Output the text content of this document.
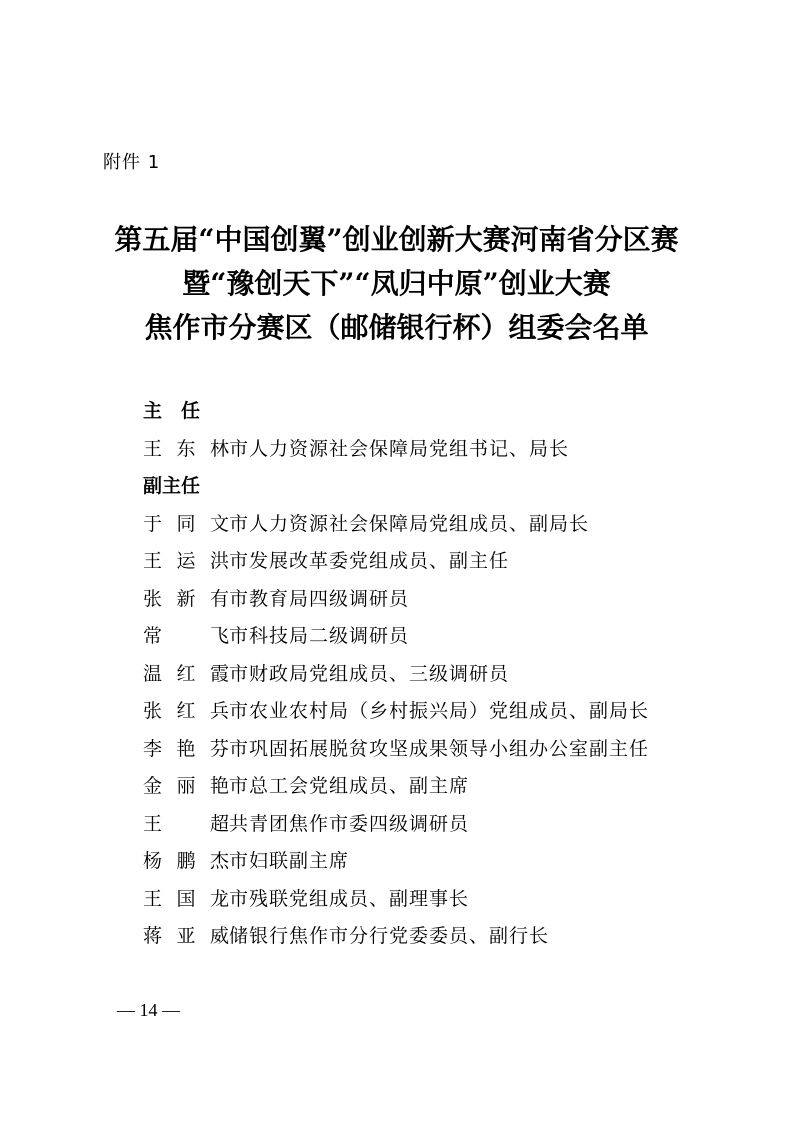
附件 1
第五届“中国创翼”创业创新大赛河南省分区赛
暨“豫创天下”“凤归中原”创业大赛
焦作市分赛区（邮储银行杯）组委会名单
主　任
王东林市人力资源社会保障局党组书记、局长
副主任
于同文市人力资源社会保障局党组成员、副局长
王运洪市发展改革委党组成员、副主任
张新有市教育局四级调研员
常　飞市科技局二级调研员
温红霞市财政局党组成员、三级调研员
张红兵市农业农村局（乡村振兴局）党组成员、副局长
李艳芬市巩固拓展脱贫攻坚成果领导小组办公室副主任
金丽艳市总工会党组成员、副主席
王　超共青团焦作市委四级调研员
杨鹏杰市妇联副主席
王国龙市残联党组成员、副理事长
蒋亚威储银行焦作市分行党委委员、副行长
— 14 —
